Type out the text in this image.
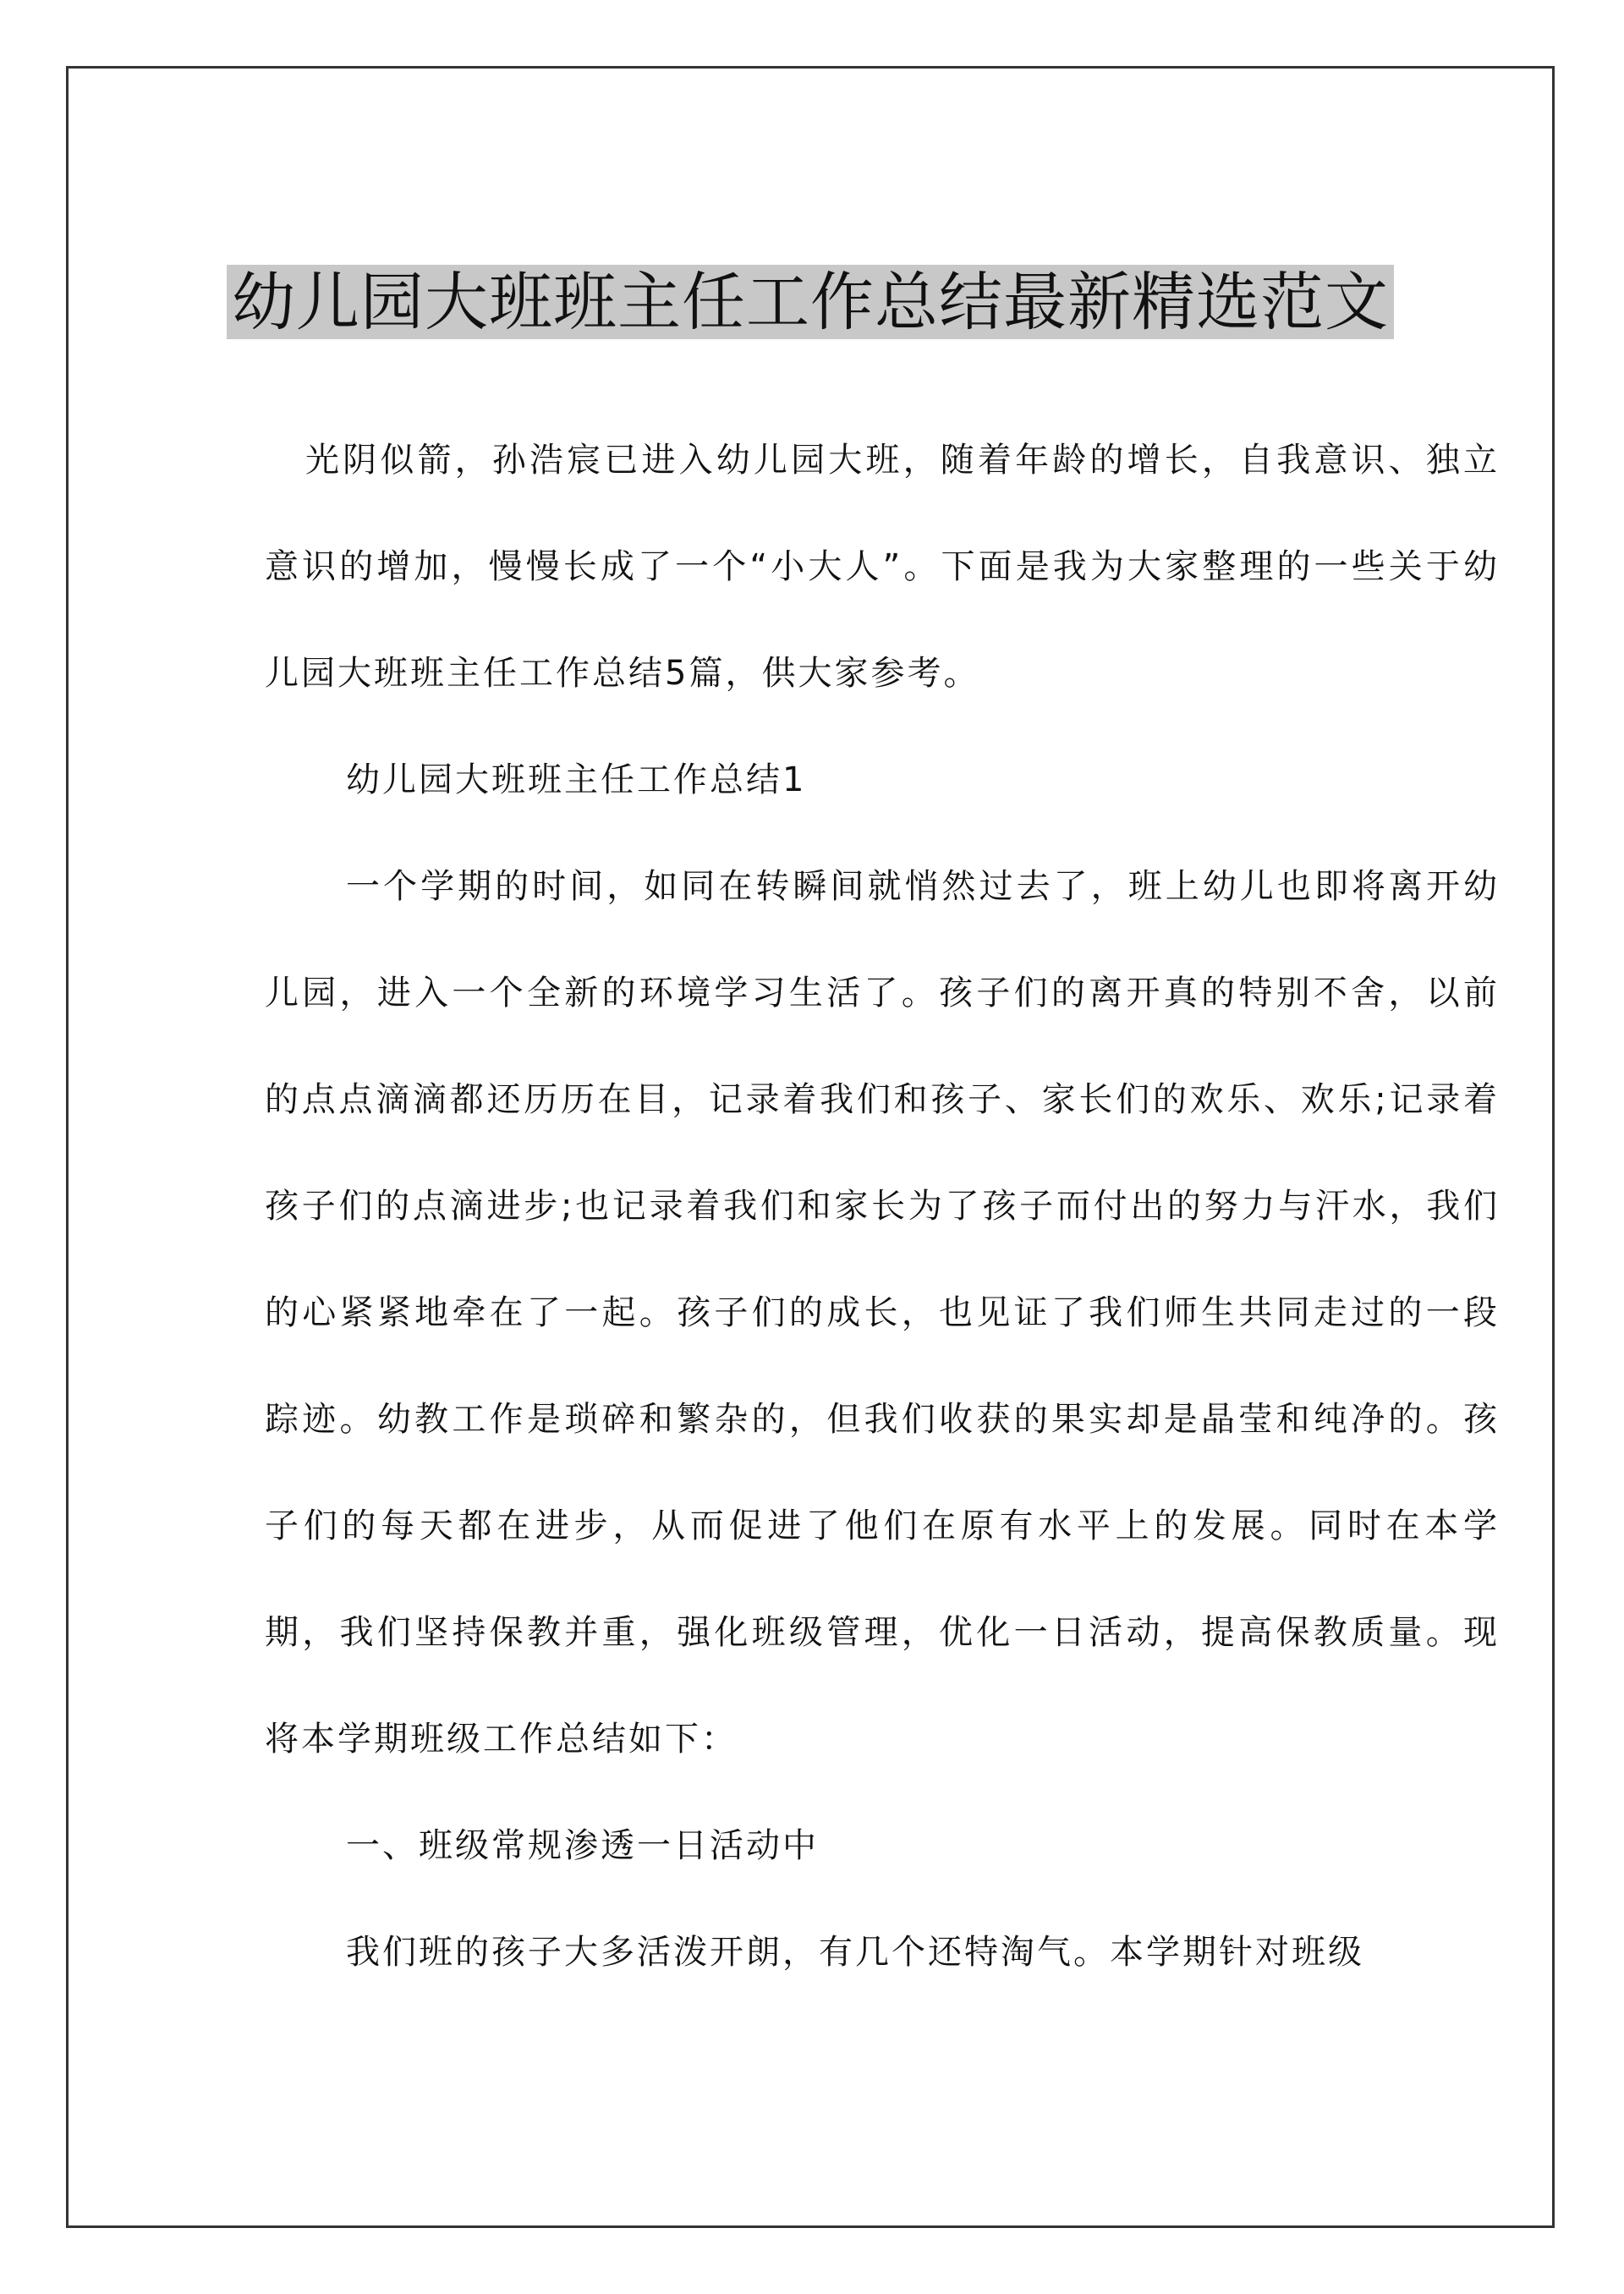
幼儿园大班班主任工作总结最新精选范文

光阴似箭，孙浩宸已进入幼儿园大班，随着年龄的增长，自我意识、独立意识的增加，慢慢长成了一个“小大人”。下面是我为大家整理的一些关于幼儿园大班班主任工作总结5篇，供大家参考。

幼儿园大班班主任工作总结1

一个学期的时间，如同在转瞬间就悄然过去了，班上幼儿也即将离开幼儿园，进入一个全新的环境学习生活了。孩子们的离开真的特别不舍，以前的点点滴滴都还历历在目，记录着我们和孩子、家长们的欢乐、欢乐;记录着孩子们的点滴进步;也记录着我们和家长为了孩子而付出的努力与汗水，我们的心紧紧地牵在了一起。孩子们的成长，也见证了我们师生共同走过的一段踪迹。幼教工作是琐碎和繁杂的，但我们收获的果实却是晶莹和纯净的。孩子们的每天都在进步，从而促进了他们在原有水平上的发展。同时在本学期，我们坚持保教并重，强化班级管理，优化一日活动，提高保教质量。现将本学期班级工作总结如下：

一、班级常规渗透一日活动中

我们班的孩子大多活泼开朗，有几个还特淘气。本学期针对班级
